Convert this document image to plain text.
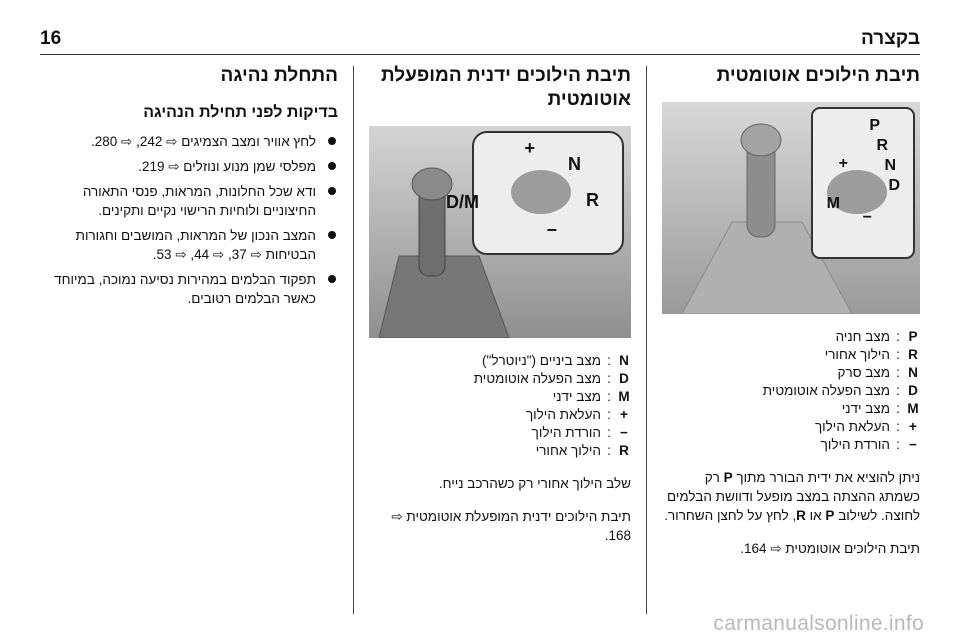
16	בקצרה
תיבת הילוכים אוטומטית
P
R
N
D
M
+
−
P
:
מצב חניה
R
:
הילוך אחורי
N
:
מצב סרק
D
:
מצב הפעלה אוטומטית
M
:
מצב ידני
+
:
העלאת הילוך
−
:
הורדת הילוך
ניתן להוציא את ידית הבורר מתוך P רק כשמתג ההצתה במצב מופעל ודוושת הבלמים לחוצה. לשילוב P או R, לחץ על לחצן השחרור.
תיבת הילוכים אוטומטית ⇨ 164.
תיבת הילוכים ידנית המופעלת אוטומטית
N
R
D/M
+
−
N
:
מצב ביניים ("ניוטרל")
D
:
מצב הפעלה אוטומטית
M
:
מצב ידני
+
:
העלאת הילוך
−
:
הורדת הילוך
R
:
הילוך אחורי
שלב הילוך אחורי רק כשהרכב נייח.
תיבת הילוכים ידנית המופעלת אוטומטית ⇨ 168.
התחלת נהיגה
בדיקות לפני תחילת הנהיגה
לחץ אוויר ומצב הצמיגים ⇨ 242, ⇨ 280.
מפלסי שמן מנוע ונוזלים ⇨ 219.
ודא שכל החלונות, המראות, פנסי התאורה החיצוניים ולוחיות הרישוי נקיים ותקינים.
המצב הנכון של המראות, המושבים וחגורות הבטיחות ⇨ 37, ⇨ 44, ⇨ 53.
תפקוד הבלמים במהירות נסיעה נמוכה, במיוחד כאשר הבלמים רטובים.
carmanualsonline.info
